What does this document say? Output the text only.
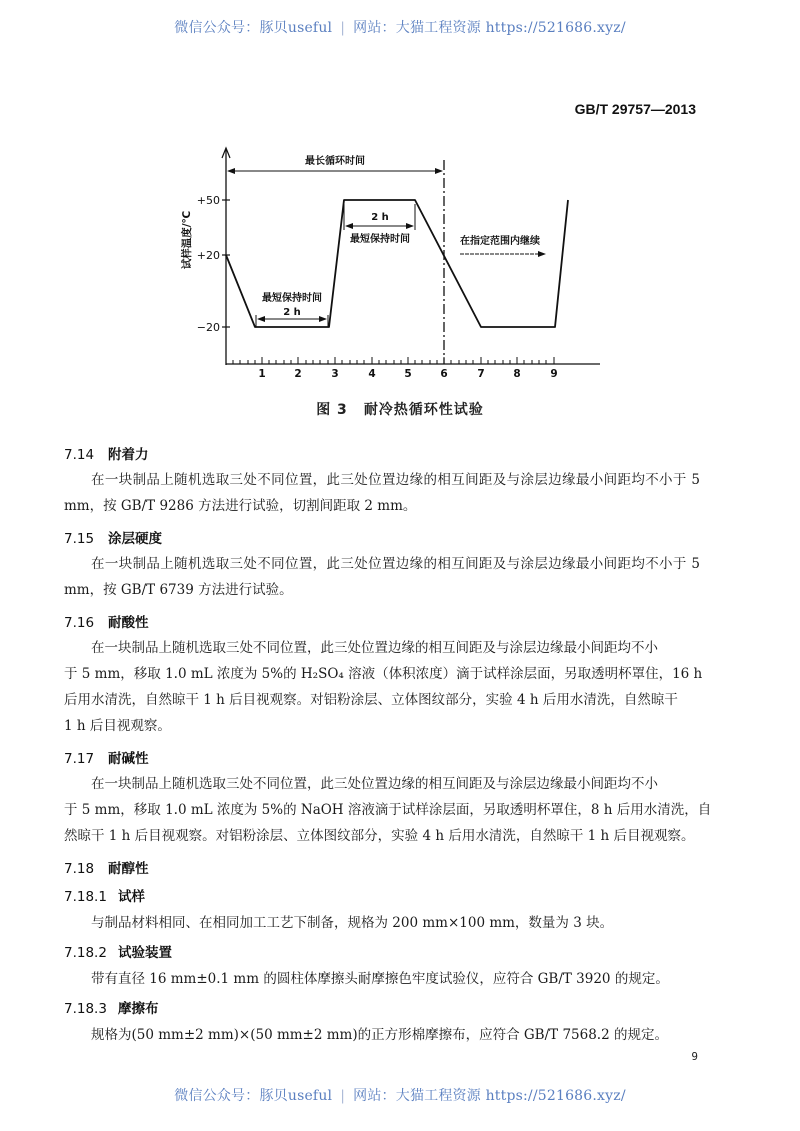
微信公众号：豚贝useful | 网站：大猫工程资源 https://521686.xyz/
GB/T 29757—2013
+50
+20
−20
试样温度/℃
1	2	3	4	5	6	7	8	9
最长循环时间
2 h
最短保持时间
最短保持时间
2 h
在指定范围内继续
图 3 耐冷热循环性试验
7.14 附着力
在一块制品上随机选取三处不同位置，此三处位置边缘的相互间距及与涂层边缘最小间距均不小于 5 mm，按 GB/T 9286 方法进行试验，切割间距取 2 mm。
7.15 涂层硬度
在一块制品上随机选取三处不同位置，此三处位置边缘的相互间距及与涂层边缘最小间距均不小于 5 mm，按 GB/T 6739 方法进行试验。
7.16 耐酸性
在一块制品上随机选取三处不同位置，此三处位置边缘的相互间距及与涂层边缘最小间距均不小
于 5 mm，移取 1.0 mL 浓度为 5%的 H₂SO₄ 溶液（体积浓度）滴于试样涂层面，另取透明杯罩住，16 h
后用水清洗，自然晾干 1 h 后目视观察。对铝粉涂层、立体图纹部分，实验 4 h 后用水清洗，自然晾干
1 h 后目视观察。
7.17 耐碱性
在一块制品上随机选取三处不同位置，此三处位置边缘的相互间距及与涂层边缘最小间距均不小
于 5 mm，移取 1.0 mL 浓度为 5%的 NaOH 溶液滴于试样涂层面，另取透明杯罩住，8 h 后用水清洗，自
然晾干 1 h 后目视观察。对铝粉涂层、立体图纹部分，实验 4 h 后用水清洗，自然晾干 1 h 后目视观察。
7.18 耐醇性
7.18.1 试样
与制品材料相同、在相同加工工艺下制备，规格为 200 mm×100 mm，数量为 3 块。
7.18.2 试验装置
带有直径 16 mm±0.1 mm 的圆柱体摩擦头耐摩擦色牢度试验仪，应符合 GB/T 3920 的规定。
7.18.3 摩擦布
规格为(50 mm±2 mm)×(50 mm±2 mm)的正方形棉摩擦布，应符合 GB/T 7568.2 的规定。
9
微信公众号：豚贝useful | 网站：大猫工程资源 https://521686.xyz/
